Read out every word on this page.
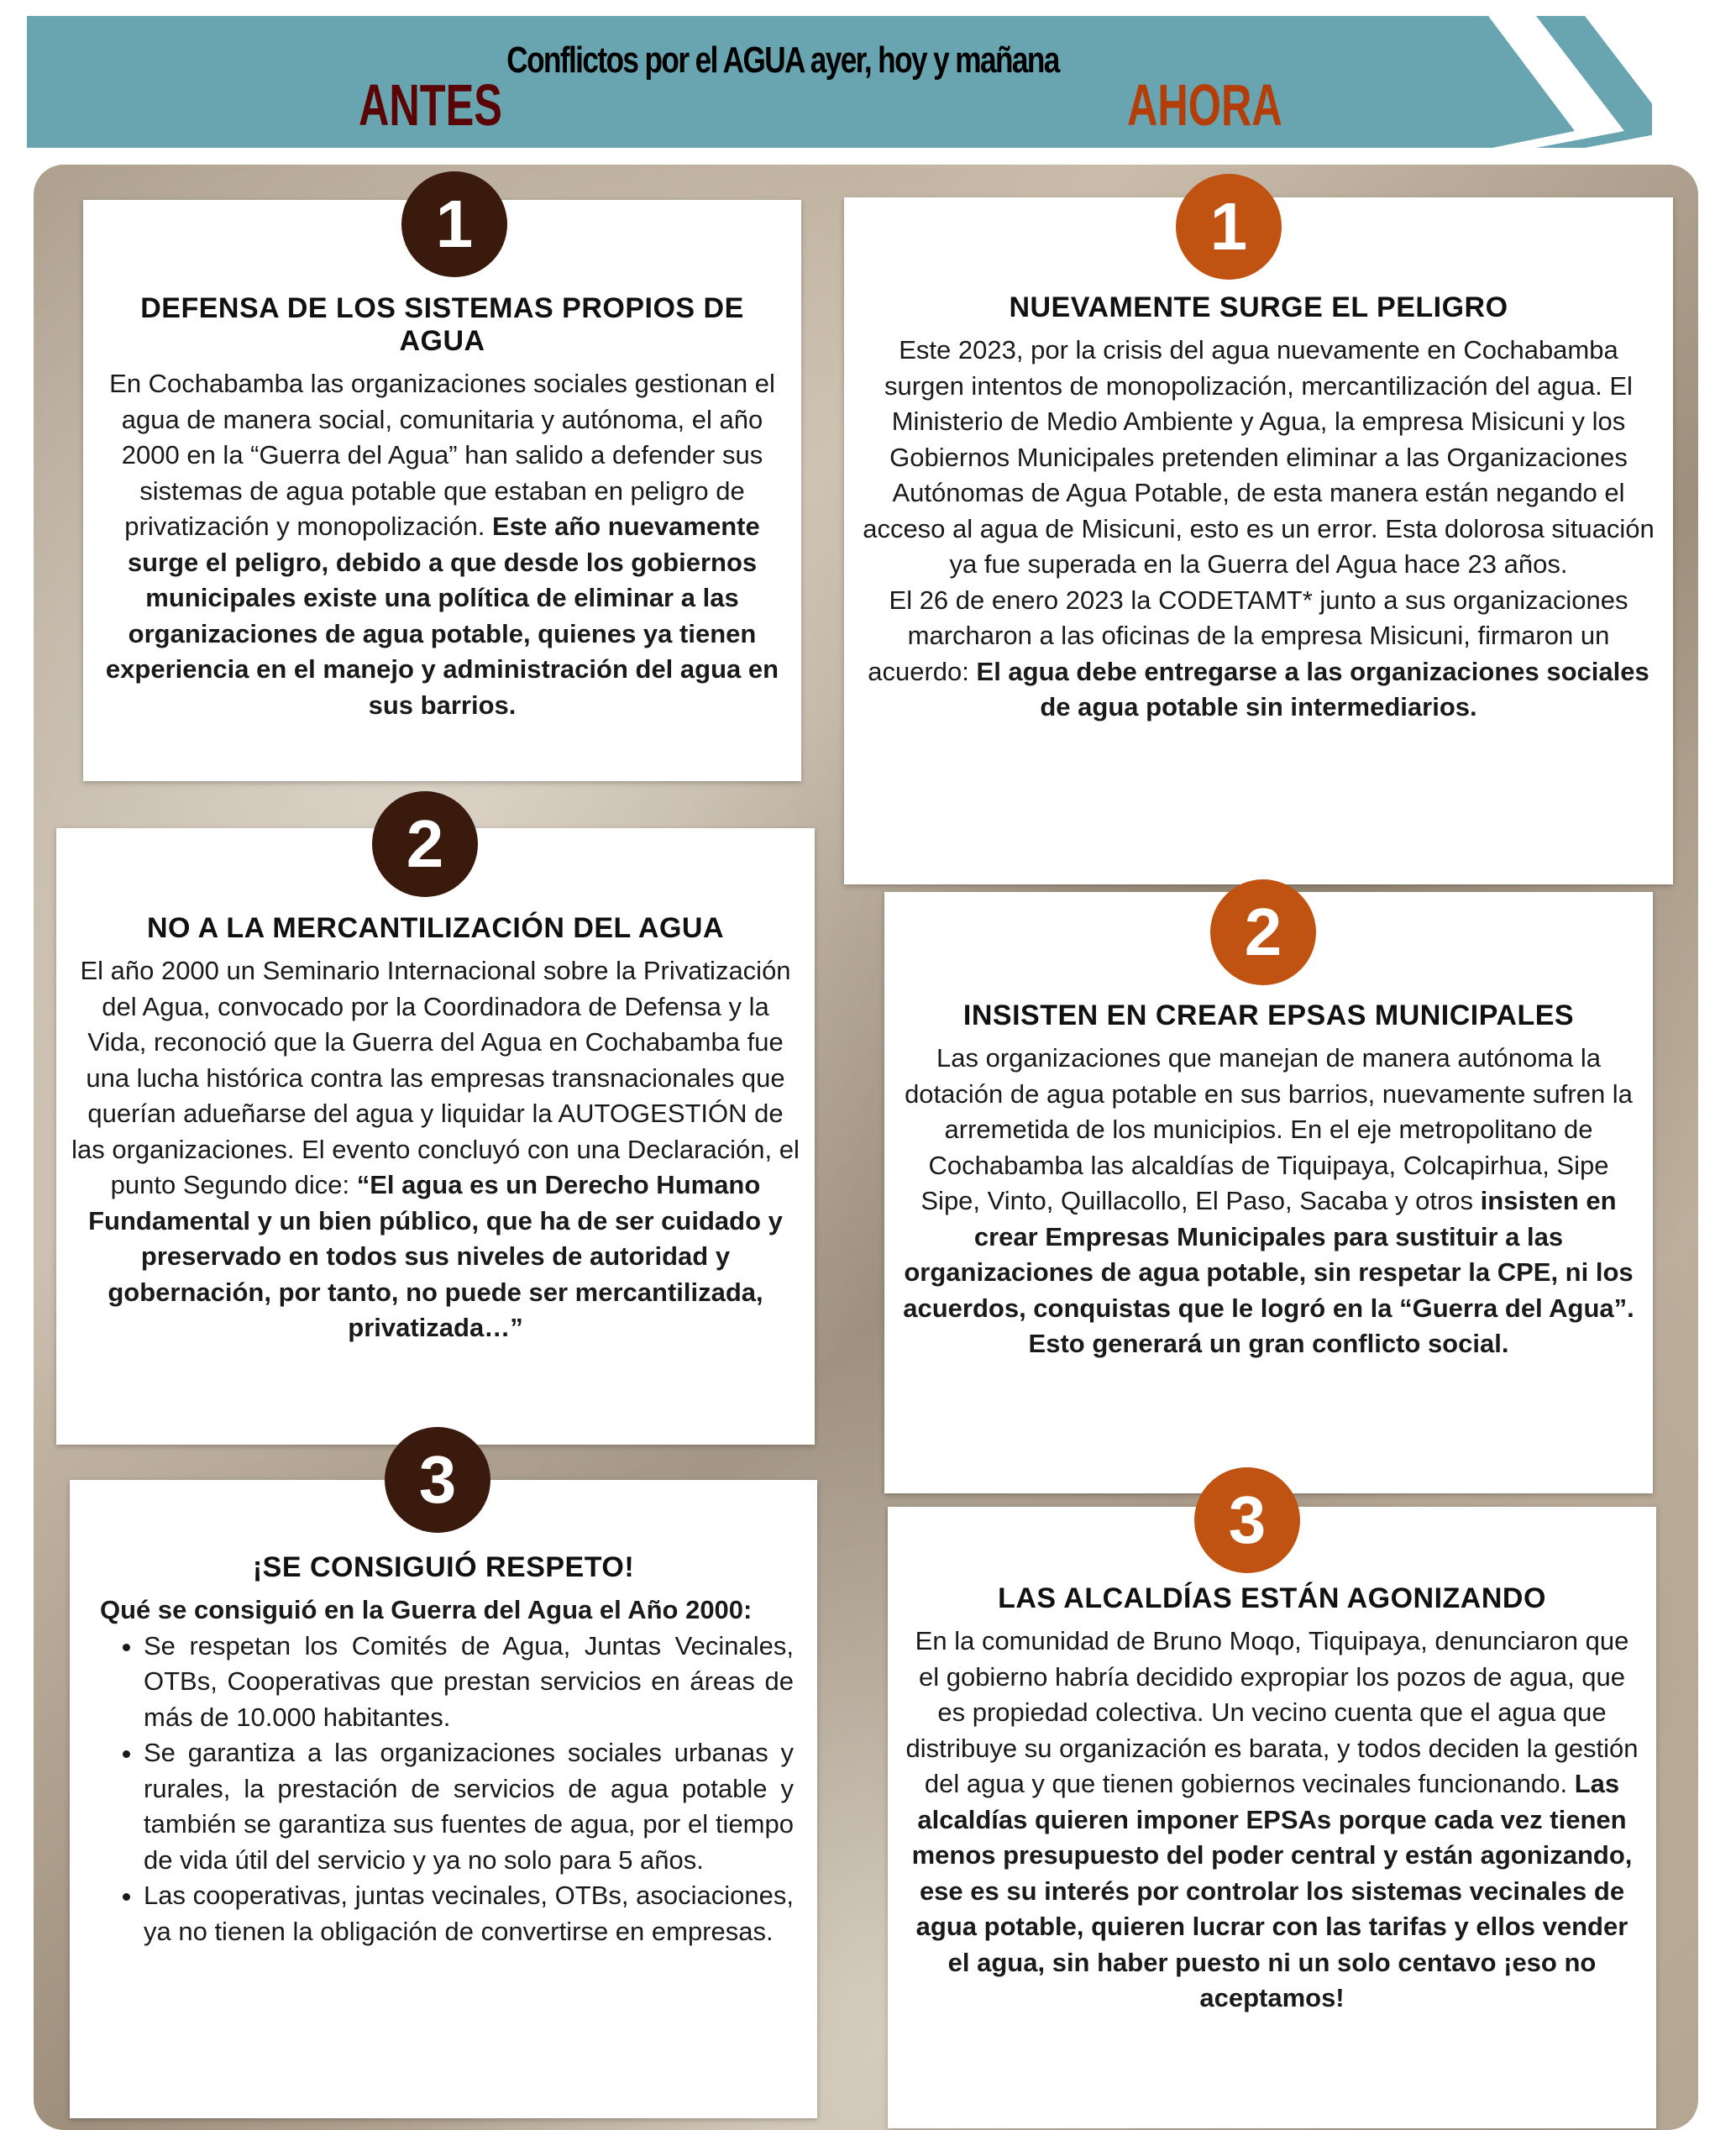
Conflictos por el AGUA ayer, hoy y mañana
ANTES	AHORA
DEFENSA DE LOS SISTEMAS PROPIOS DE AGUA
En Cochabamba las organizaciones sociales gestionan el agua de manera social, comunitaria y autónoma, el año 2000 en la “Guerra del Agua” han salido a defender sus sistemas de agua potable que estaban en peligro de privatización y monopolización. Este año nuevamente surge el peligro, debido a que desde los gobiernos municipales existe una política de eliminar a las organizaciones de agua potable, quienes ya tienen experiencia en el manejo y administración del agua en sus barrios.
NO A LA MERCANTILIZACIÓN DEL AGUA
El año 2000 un Seminario Internacional sobre la Privatización del Agua, convocado por la Coordinadora de Defensa y la Vida, reconoció que la Guerra del Agua en Cochabamba fue una lucha histórica contra las empresas transnacionales que querían adueñarse del agua y liquidar la AUTOGESTIÓN de las organizaciones. El evento concluyó con una Declaración, el punto Segundo dice: “El agua es un Derecho Humano Fundamental y un bien público, que ha de ser cuidado y preservado en todos sus niveles de autoridad y gobernación, por tanto, no puede ser mercantilizada, privatizada…”
¡SE CONSIGUIÓ RESPETO!
Qué se consiguió en la Guerra del Agua el Año 2000:
• Se respetan los Comités de Agua, Juntas Vecinales, OTBs, Cooperativas que prestan servicios en áreas de más de 10.000 habitantes.
• Se garantiza a las organizaciones sociales urbanas y rurales, la prestación de servicios de agua potable y también se garantiza sus fuentes de agua, por el tiempo de vida útil del servicio y ya no solo para 5 años.
• Las cooperativas, juntas vecinales, OTBs, asociaciones, ya no tienen la obligación de convertirse en empresas.
NUEVAMENTE SURGE EL PELIGRO
Este 2023, por la crisis del agua nuevamente en Cochabamba surgen intentos de monopolización, mercantilización del agua. El Ministerio de Medio Ambiente y Agua, la empresa Misicuni y los Gobiernos Municipales pretenden eliminar a las Organizaciones Autónomas de Agua Potable, de esta manera están negando el acceso al agua de Misicuni, esto es un error. Esta dolorosa situación ya fue superada en la Guerra del Agua hace 23 años.
El 26 de enero 2023 la CODETAMT* junto a sus organizaciones marcharon a las oficinas de la empresa Misicuni, firmaron un acuerdo: El agua debe entregarse a las organizaciones sociales de agua potable sin intermediarios.
INSISTEN EN CREAR EPSAS MUNICIPALES
Las organizaciones que manejan de manera autónoma la dotación de agua potable en sus barrios, nuevamente sufren la arremetida de los municipios. En el eje metropolitano de Cochabamba las alcaldías de Tiquipaya, Colcapirhua, Sipe Sipe, Vinto, Quillacollo, El Paso, Sacaba y otros insisten en crear Empresas Municipales para sustituir a las organizaciones de agua potable, sin respetar la CPE, ni los acuerdos, conquistas que le logró en la “Guerra del Agua”.
Esto generará un gran conflicto social.
LAS ALCALDÍAS ESTÁN AGONIZANDO
En la comunidad de Bruno Moqo, Tiquipaya, denunciaron que el gobierno habría decidido expropiar los pozos de agua, que es propiedad colectiva. Un vecino cuenta que el agua que distribuye su organización es barata, y todos deciden la gestión del agua y que tienen gobiernos vecinales funcionando. Las alcaldías quieren imponer EPSAs porque cada vez tienen menos presupuesto del poder central y están agonizando, ese es su interés por controlar los sistemas vecinales de agua potable, quieren lucrar con las tarifas y ellos vender el agua, sin haber puesto ni un solo centavo ¡eso no aceptamos!
1
2
3
1
2
3
